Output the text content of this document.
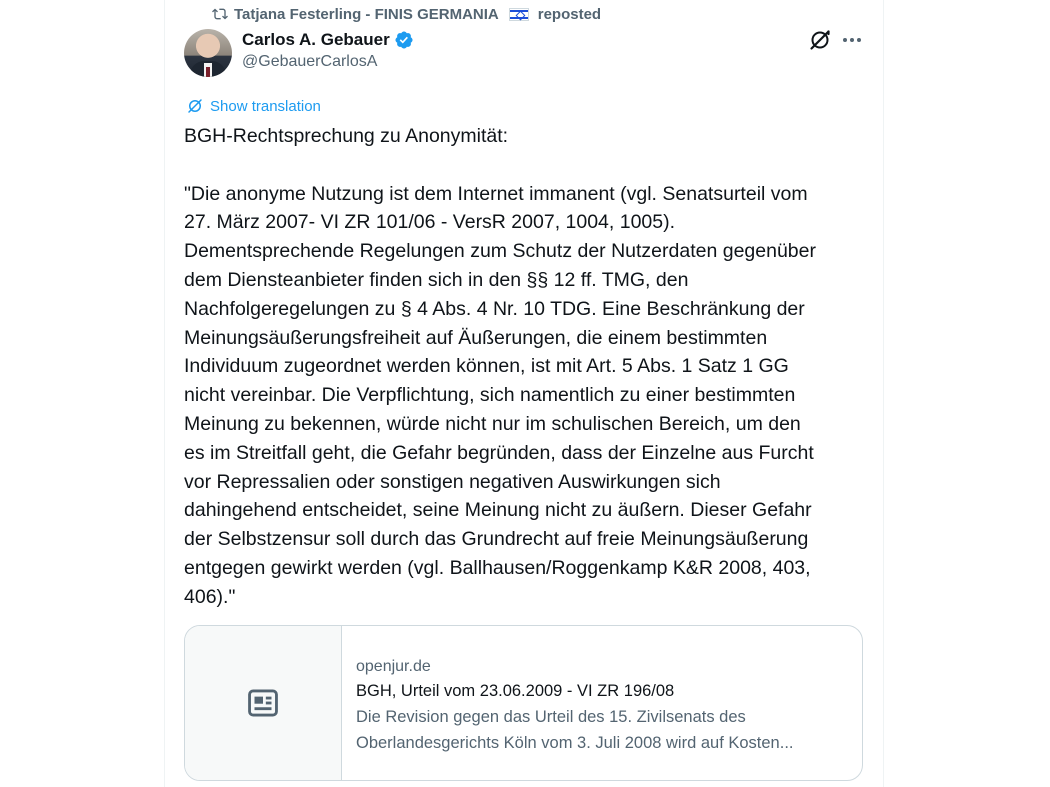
Tatjana Festerling - FINIS GERMANIA	reposted
Carlos A. Gebauer
@GebauerCarlosA
Show translation
BGH-Rechtsprechung zu Anonymität:

"Die anonyme Nutzung ist dem Internet immanent (vgl. Senatsurteil vom
27. März 2007- VI ZR 101/06 - VersR 2007, 1004, 1005).
Dementsprechende Regelungen zum Schutz der Nutzerdaten gegenüber
dem Diensteanbieter finden sich in den §§ 12 ff. TMG, den
Nachfolgeregelungen zu § 4 Abs. 4 Nr. 10 TDG. Eine Beschränkung der
Meinungsäußerungsfreiheit auf Äußerungen, die einem bestimmten
Individuum zugeordnet werden können, ist mit Art. 5 Abs. 1 Satz 1 GG
nicht vereinbar. Die Verpflichtung, sich namentlich zu einer bestimmten
Meinung zu bekennen, würde nicht nur im schulischen Bereich, um den
es im Streitfall geht, die Gefahr begründen, dass der Einzelne aus Furcht
vor Repressalien oder sonstigen negativen Auswirkungen sich
dahingehend entscheidet, seine Meinung nicht zu äußern. Dieser Gefahr
der Selbstzensur soll durch das Grundrecht auf freie Meinungsäußerung
entgegen gewirkt werden (vgl. Ballhausen/Roggenkamp K&R 2008, 403,
406)."
openjur.de
BGH, Urteil vom 23.06.2009 - VI ZR 196/08
Die Revision gegen das Urteil des 15. Zivilsenats des
Oberlandesgerichts Köln vom 3. Juli 2008 wird auf Kosten...
